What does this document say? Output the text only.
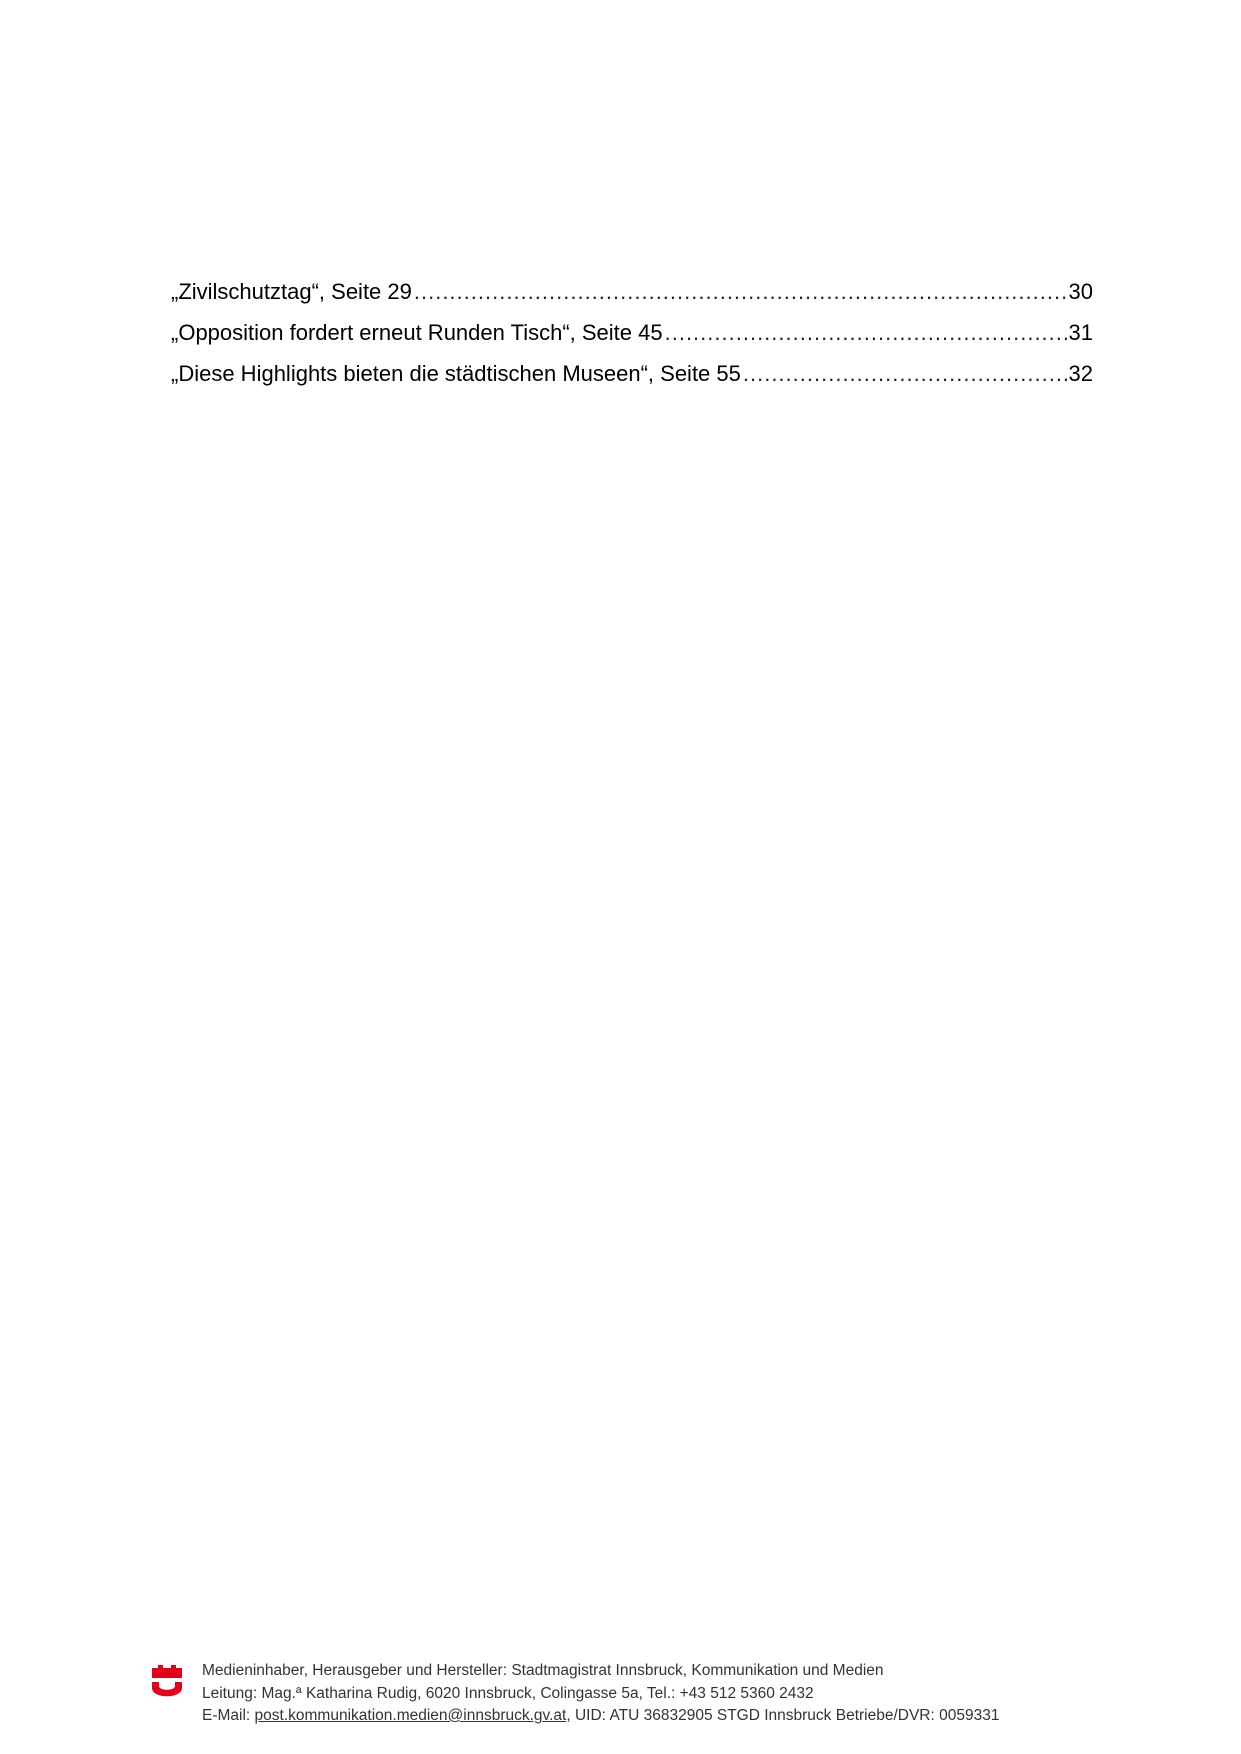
„Zivilschutztag“, Seite 29 .....	30
„Opposition fordert erneut Runden Tisch“, Seite 45 .....	31
„Diese Highlights bieten die städtischen Museen“, Seite 55 .....	32
Medieninhaber, Herausgeber und Hersteller: Stadtmagistrat Innsbruck, Kommunikation und Medien
Leitung: Mag.ª Katharina Rudig, 6020 Innsbruck, Colingasse 5a, Tel.: +43 512 5360 2432
E-Mail: post.kommunikation.medien@innsbruck.gv.at, UID: ATU 36832905 STGD Innsbruck Betriebe/DVR: 0059331
